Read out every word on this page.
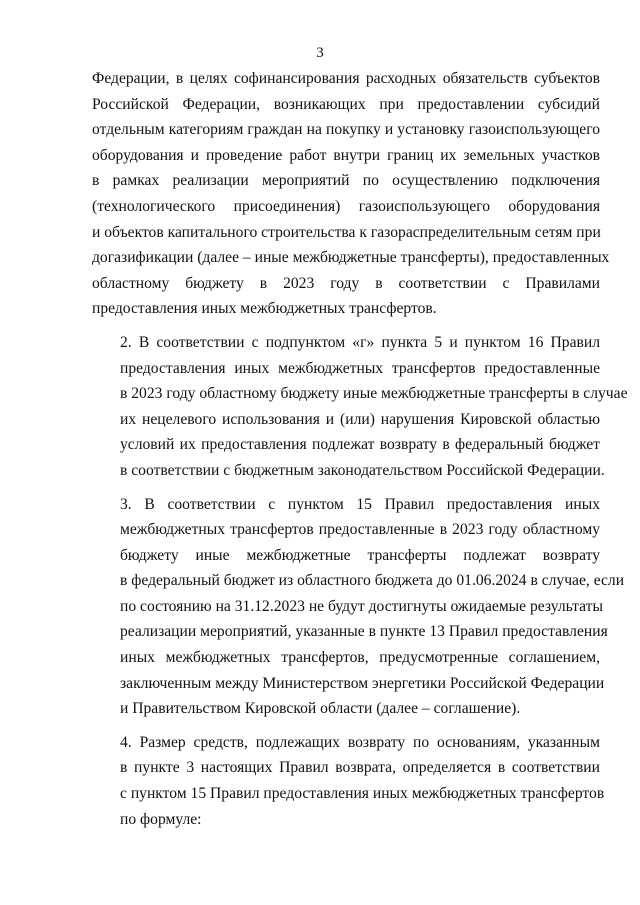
3
Федерации, в целях софинансирования расходных обязательств субъектов
Российской Федерации, возникающих при предоставлении субсидий
отдельным категориям граждан на покупку и установку газоиспользующего
оборудования и проведение работ внутри границ их земельных участков
в рамках реализации мероприятий по осуществлению подключения
(технологического присоединения) газоиспользующего оборудования
и объектов капитального строительства к газораспределительным сетям при
догазификации (далее – иные межбюджетные трансферты), предоставленных
областному бюджету в 2023 году в соответствии с Правилами
предоставления иных межбюджетных трансфертов.
2. В соответствии с подпунктом «г» пункта 5 и пунктом 16 Правил
предоставления иных межбюджетных трансфертов предоставленные
в 2023 году областному бюджету иные межбюджетные трансферты в случае
их нецелевого использования и (или) нарушения Кировской областью
условий их предоставления подлежат возврату в федеральный бюджет
в соответствии с бюджетным законодательством Российской Федерации.
3. В соответствии с пунктом 15 Правил предоставления иных
межбюджетных трансфертов предоставленные в 2023 году областному
бюджету иные межбюджетные трансферты подлежат возврату
в федеральный бюджет из областного бюджета до 01.06.2024 в случае, если
по состоянию на 31.12.2023 не будут достигнуты ожидаемые результаты
реализации мероприятий, указанные в пункте 13 Правил предоставления
иных межбюджетных трансфертов, предусмотренные соглашением,
заключенным между Министерством энергетики Российской Федерации
и Правительством Кировской области (далее – соглашение).
4. Размер средств, подлежащих возврату по основаниям, указанным
в пункте 3 настоящих Правил возврата, определяется в соответствии
с пунктом 15 Правил предоставления иных межбюджетных трансфертов
по формуле:
